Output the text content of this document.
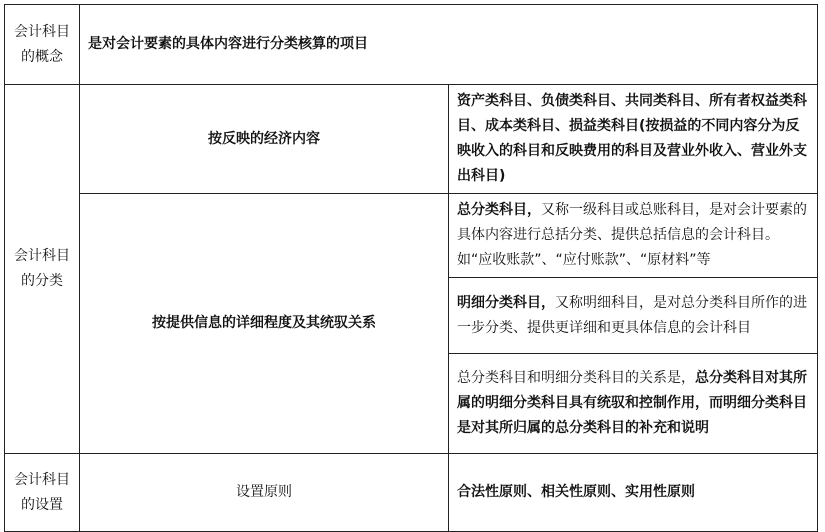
会计科目的概念	是对会计要素的具体内容进行分类核算的项目	
会计科目的分类	按反映的经济内容	资产类科目、负债类科目、共同类科目、所有者权益类科目、成本类科目、损益类科目(按损益的不同内容分为反映收入的科目和反映费用的科目及营业外收入、营业外支出科目)
	按提供信息的详细程度及其统驭关系	总分类科目，又称一级科目或总账科目，是对会计要素的具体内容进行总括分类、提供总括信息的会计科目。如“应收账款”、“应付账款”、“原材料”等
		明细分类科目，又称明细科目，是对总分类科目所作的进一步分类、提供更详细和更具体信息的会计科目
		总分类科目和明细分类科目的关系是，总分类科目对其所属的明细分类科目具有统驭和控制作用，而明细分类科目是对其所归属的总分类科目的补充和说明
会计科目的设置	设置原则	合法性原则、相关性原则、实用性原则
